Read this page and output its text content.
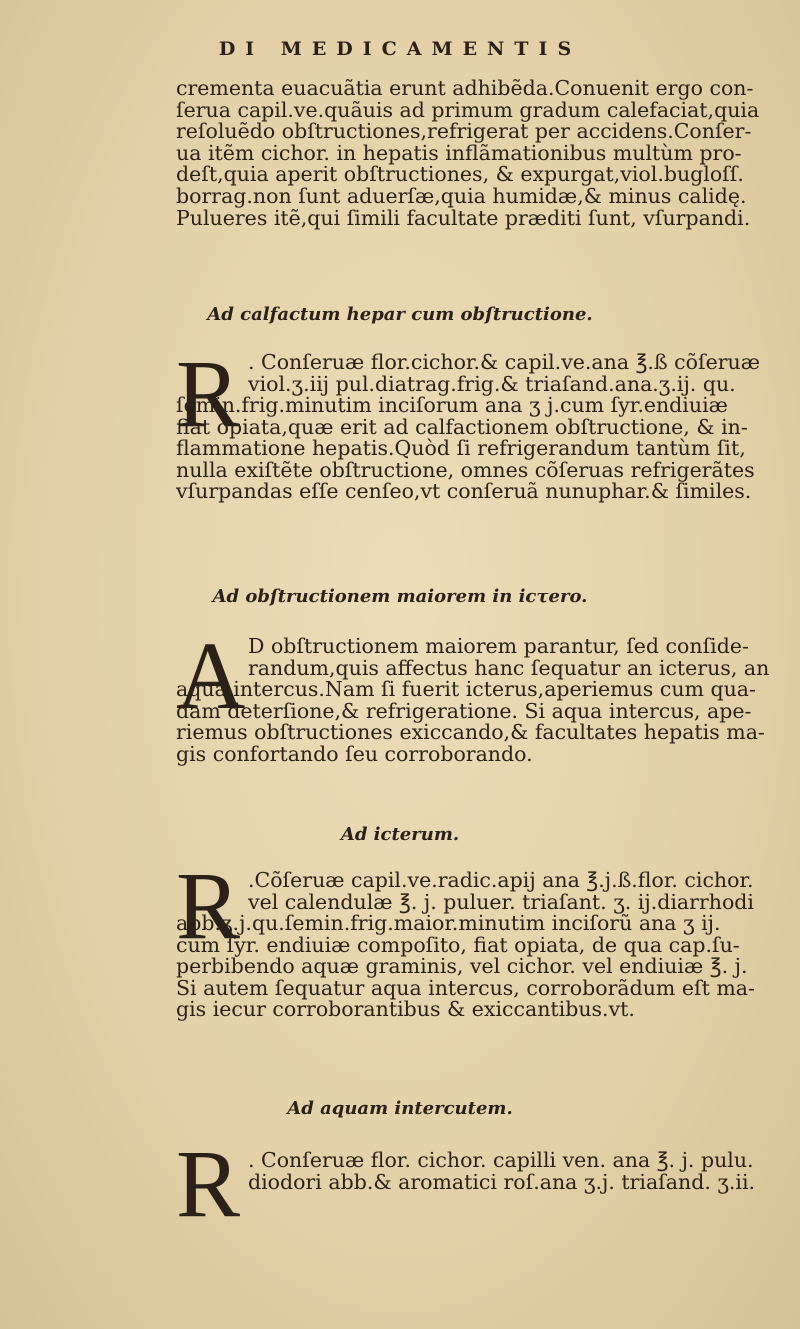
DI MEDICAMENTIS
crementa euacuãtia erunt adhibẽda.Conuenit ergo con-
ſerua capil.ve.quãuis ad primum gradum calefaciat,quia
reſoluẽdo obſtructiones,refrigerat per accidens.Conſer-
ua itẽm cichor. in hepatis inflãmationibus multùm pro-
deſt,quia aperit obſtructiones, & expurgat,viol.bugloſſ.
borrag.non ſunt aduerſæ,quia humidæ,& minus calidę.
Pulueres itẽ,qui ſimili facultate præditi ſunt, vſurpandi.
Ad calfactum hepar cum obſtructione.
R . Conſeruæ flor.cichor.& capil.ve.ana ℥.ß cõſeruæ
viol.ʒ.iij pul.diatrag.frig.& triaſand.ana.ʒ.ij. qu.
ſemin.frig.minutim inciſorum ana ʒ j.cum ſyr.endiuiæ
fiat opiata,quæ erit ad calfactionem obſtructione, & in-
flammatione hepatis.Quòd ſi refrigerandum tantùm ſit,
nulla exiſtẽte obſtructione, omnes cõſeruas refrigerãtes
vſurpandas eſſe cenſeo,vt conſeruã nunuphar.& ſimiles.
Ad obſtructionem maiorem in icτero.
A D obſtructionem maiorem parantur, ſed conſide-
randum,quis affectus hanc ſequatur an icterus, an
aqua intercus.Nam ſi fuerit icterus,aperiemus cum qua-
dam deterſione,& refrigeratione. Si aqua intercus, ape-
riemus obſtructiones exiccando,& facultates hepatis ma-
gis confortando ſeu corroborando.
Ad icterum.
R .Cõſeruæ capil.ve.radic.apij ana ℥.j.ß.flor. cichor.
vel calendulæ ℥. j. puluer. triaſant. ʒ. ij.diarrhodi
abb.ʒ.j.qu.ſemin.frig.maior.minutim inciſorũ ana ʒ ij.
cum ſyr. endiuiæ compoſito, fiat opiata, de qua cap.ſu-
perbibendo aquæ graminis, vel cichor. vel endiuiæ ℥. j.
Si autem ſequatur aqua intercus, corroborãdum eſt ma-
gis iecur corroborantibus & exiccantibus.vt.
Ad aquam intercutem.
R . Conſeruæ flor. cichor. capilli ven. ana ℥. j. pulu.
diodori abb.& aromatici roſ.ana ʒ.j. triaſand. ʒ.ii.
